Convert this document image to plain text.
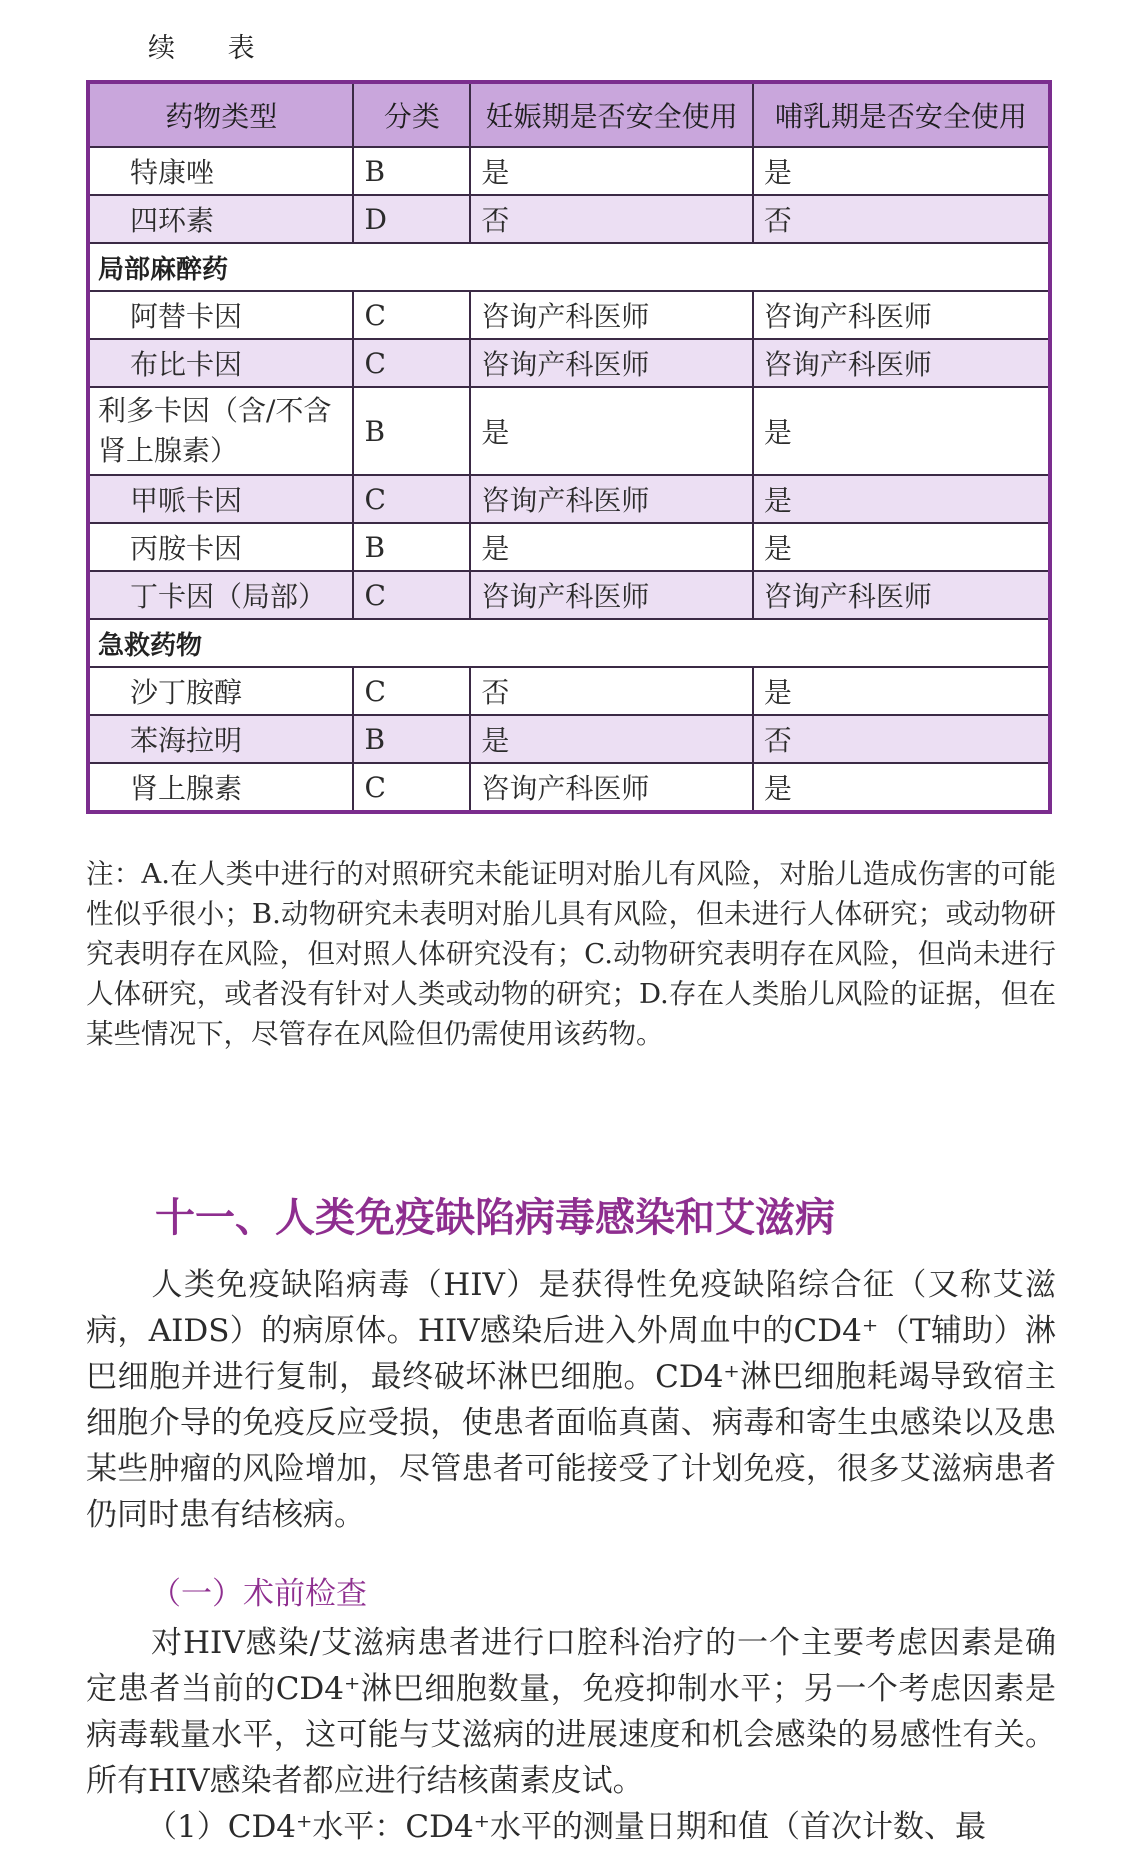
续 表
药物类型	分类	妊娠期是否安全使用	哺乳期是否安全使用
特康唑	B	是	是
四环素	D	否	否
局部麻醉药			
阿替卡因	C	咨询产科医师	咨询产科医师
布比卡因	C	咨询产科医师	咨询产科医师
利多卡因（含/不含肾上腺素）	B	是	是
甲哌卡因	C	咨询产科医师	是
丙胺卡因	B	是	是
丁卡因（局部）	C	咨询产科医师	咨询产科医师
急救药物			
沙丁胺醇	C	否	是
苯海拉明	B	是	否
肾上腺素	C	咨询产科医师	是
注：A.在人类中进行的对照研究未能证明对胎儿有风险，对胎儿造成伤害的可能性似乎很小；B.动物研究未表明对胎儿具有风险，但未进行人体研究；或动物研究表明存在风险，但对照人体研究没有；C.动物研究表明存在风险，但尚未进行人体研究，或者没有针对人类或动物的研究；D.存在人类胎儿风险的证据，但在某些情况下，尽管存在风险但仍需使用该药物。
十一、人类免疫缺陷病毒感染和艾滋病
人类免疫缺陷病毒（HIV）是获得性免疫缺陷综合征（又称艾滋病，AIDS）的病原体。HIV感染后进入外周血中的CD4⁺（T辅助）淋巴细胞并进行复制，最终破坏淋巴细胞。CD4⁺淋巴细胞耗竭导致宿主细胞介导的免疫反应受损，使患者面临真菌、病毒和寄生虫感染以及患某些肿瘤的风险增加，尽管患者可能接受了计划免疫，很多艾滋病患者仍同时患有结核病。
（一）术前检查
对HIV感染/艾滋病患者进行口腔科治疗的一个主要考虑因素是确定患者当前的CD4⁺淋巴细胞数量，免疫抑制水平；另一个考虑因素是病毒载量水平，这可能与艾滋病的进展速度和机会感染的易感性有关。所有HIV感染者都应进行结核菌素皮试。
（1）CD4⁺水平：CD4⁺水平的测量日期和值（首次计数、最
